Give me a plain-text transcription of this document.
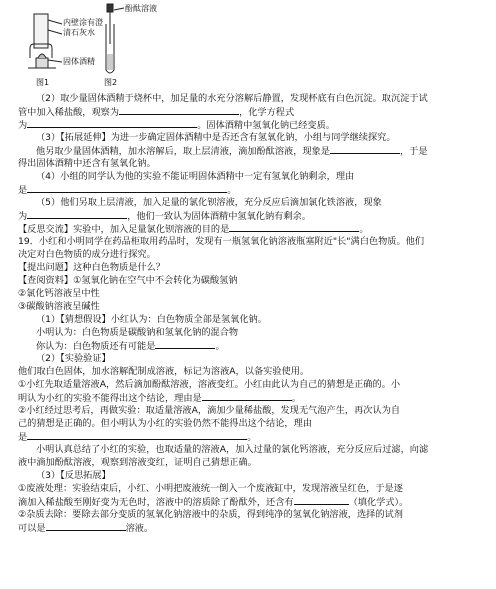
内壁涂有澄
清石灰水
固体酒精
酚酞溶液
图1	图2
（2）取少量固体酒精于烧杯中，加足量的水充分溶解后静置，发现杯底有白色沉淀。取沉淀于试
管中加入稀盐酸，观察为	，化学方程式
为	。固体酒精中氢氧化钠已经变质。
（3）【拓展延伸】为进一步确定固体酒精中是否还含有氢氧化钠，小组与同学继续探究。
他另取少量固体酒精，加水溶解后，取上层清液，滴加酚酞溶液，现象是	，于是
得出固体酒精中还含有氢氧化钠。
（4）小组的同学认为他的实验不能证明固体酒精中一定有氢氧化钠剩余，理由
是	。
（5）他们另取上层清液，加入足量的氯化钡溶液，充分反应后滴加氯化铁溶液，现象
为	，他们一致认为固体酒精中氢氧化钠有剩余。
【反思交流】实验中，加入足量氯化钡溶液的目的是	。
19．小红和小明同学在药品柜取用药品时，发现有一瓶氢氧化钠溶液瓶塞附近"长"满白色物质。他们
决定对白色物质的成分进行探究。
【提出问题】这种白色物质是什么？
【查阅资料】①氢氧化钠在空气中不会转化为碳酸氢钠
②氯化钙溶液呈中性
③碳酸钠溶液呈碱性
（1）【猜想假设】小红认为：白色物质全部是氢氧化钠。
小明认为：白色物质是碳酸钠和氢氧化钠的混合物
你认为：白色物质还有可能是	。
（2）【实验验证】
他们取白色固体，加水溶解配制成溶液，标记为溶液A，以备实验使用。
①小红先取适量溶液A，然后滴加酚酞溶液，溶液变红。小红由此认为自己的猜想是正确的。小
明认为小红的实验不能得出这个结论，理由是	。
②小红经过思考后，再做实验：取适量溶液A，滴加少量稀盐酸，发现无气泡产生，再次认为自
己的猜想是正确的。但小明认为小红的实验仍然不能得出这个结论，理由
是	。
小明认真总结了小红的实验，也取适量的溶液A，加入过量的氯化钙溶液，充分反应后过滤，向滤
液中滴加酚酞溶液，观察到溶液变红，证明自己猜想正确。
（3）【反思拓展】
①废液处理：实验结束后，小红、小明把废液统一倒入一个废液缸中，发现溶液呈红色，于是逐
滴加入稀盐酸至刚好变为无色时，溶液中的溶质除了酚酞外，还含有	（填化学式）。
②杂质去除：要除去部分变质的氢氧化钠溶液中的杂质，得到纯净的氢氧化钠溶液，选择的试剂
可以是	溶液。
